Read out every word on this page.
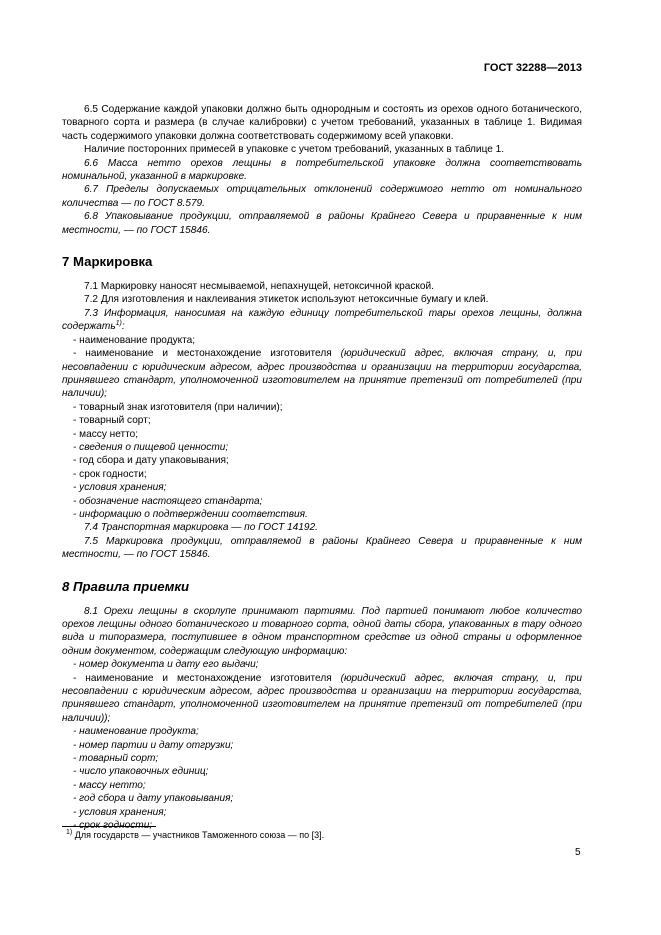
ГОСТ 32288—2013

6.5 Содержание каждой упаковки должно быть однородным и состоять из орехов одного ботанического, товарного сорта и размера (в случае калибровки) с учетом требований, указанных в таблице 1. Видимая часть содержимого упаковки должна соответствовать содержимому всей упаковки.

Наличие посторонних примесей в упаковке с учетом требований, указанных в таблице 1.

6.6 Масса нетто орехов лещины в потребительской упаковке должна соответствовать номинальной, указанной в маркировке.

6.7 Пределы допускаемых отрицательных отклонений содержимого нетто от номинального количества — по ГОСТ 8.579.

6.8 Упаковывание продукции, отправляемой в районы Крайнего Севера и приравненные к ним местности, — по ГОСТ 15846.

7 Маркировка

7.1 Маркировку наносят несмываемой, непахнущей, нетоксичной краской.

7.2 Для изготовления и наклеивания этикеток используют нетоксичные бумагу и клей.

7.3 Информация, наносимая на каждую единицу потребительской тары орехов лещины, должна содержать$^{1)}$:

- наименование продукта;

- наименование и местонахождение изготовителя (юридический адрес, включая страну, и, при несовпадении с юридическим адресом, адрес производства и организации на территории государства, принявшего стандарт, уполномоченной изготовителем на принятие претензий от потребителей (при наличии);

- товарный знак изготовителя (при наличии);

- товарный сорт;

- массу нетто;

- сведения о пищевой ценности;

- год сбора и дату упаковывания;

- срок годности;

- условия хранения;

- обозначение настоящего стандарта;

- информацию о подтверждении соответствия.

7.4 Транспортная маркировка — по ГОСТ 14192.

7.5 Маркировка продукции, отправляемой в районы Крайнего Севера и приравненные к ним местности, — по ГОСТ 15846.

8 Правила приемки

8.1 Орехи лещины в скорлупе принимают партиями. Под партией понимают любое количество орехов лещины одного ботанического и товарного сорта, одной даты сбора, упакованных в тару одного вида и типоразмера, поступившее в одном транспортном средстве из одной страны и оформленное одним документом, содержащим следующую информацию:

- номер документа и дату его выдачи;

- наименование и местонахождение изготовителя (юридический адрес, включая страну, и, при несовпадении с юридическим адресом, адрес производства и организации на территории государства, принявшего стандарт, уполномоченной изготовителем на принятие претензий от потребителей (при наличии));

- наименование продукта;

- номер партии и дату отгрузки;

- товарный сорт;

- число упаковочных единиц;

- массу нетто;

- год сбора и дату упаковывания;

- условия хранения;

- срок годности;

$^{1)}$ Для государств — участников Таможенного союза — по [3].
5
